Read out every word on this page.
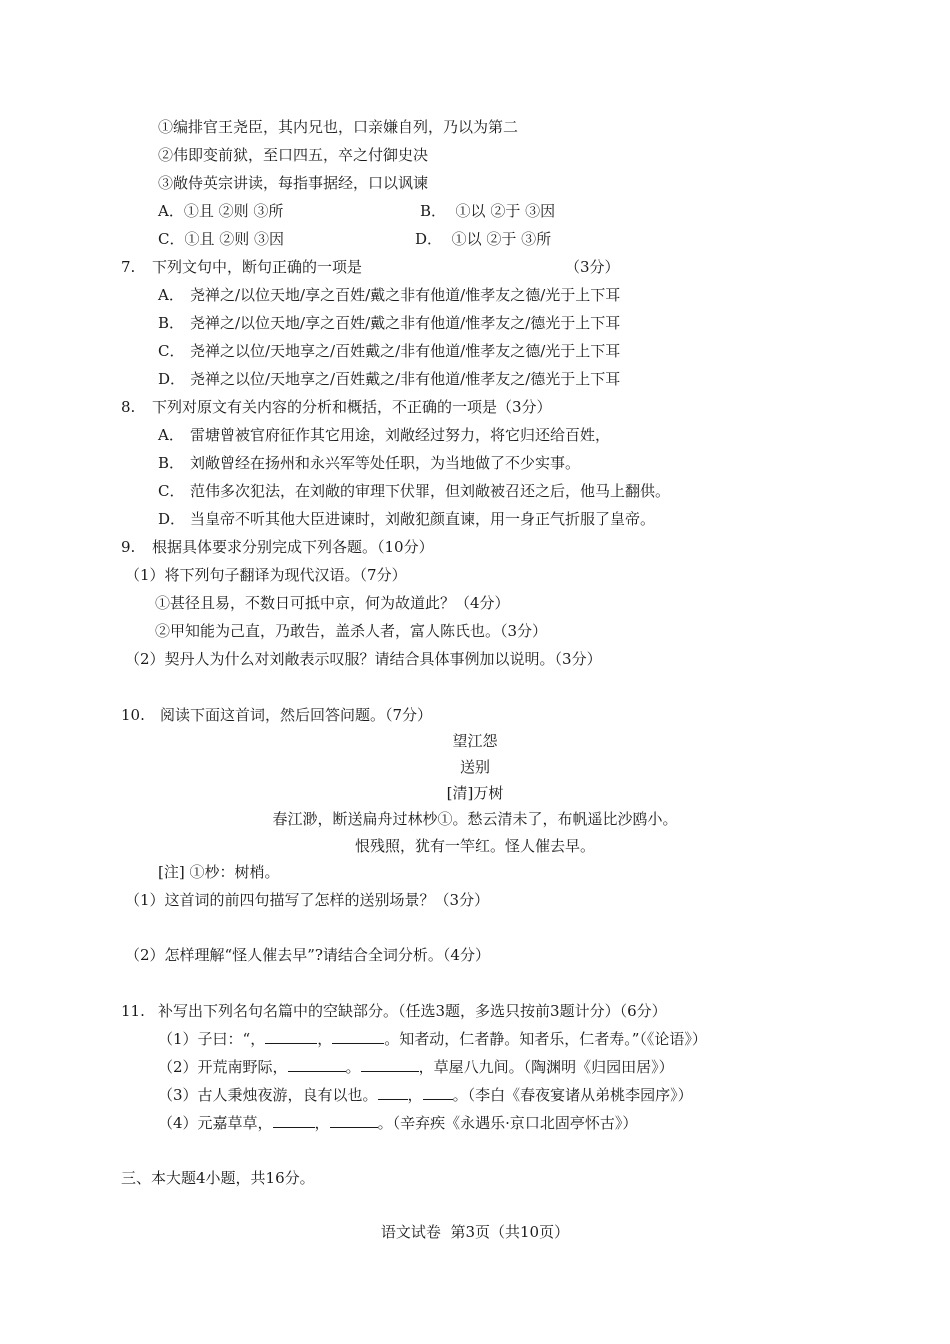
①编排官王尧臣，其内兄也，口亲嫌自列，乃以为第二
②伟即变前狱，至口四五，卒之付御史决
③敞侍英宗讲读，每指事据经，口以讽谏
A．①且 ②则 ③所	B．  ①以 ②于 ③因
C．①且 ②则 ③因	D．  ①以 ②于 ③所
7. 下列文句中，断句正确的一项是	（3分）
A． 尧禅之/以位天地/享之百姓/戴之非有他道/惟孝友之德/光于上下耳
B． 尧禅之/以位天地/享之百姓/戴之非有他道/惟孝友之/德光于上下耳
C． 尧禅之以位/天地享之/百姓戴之/非有他道/惟孝友之德/光于上下耳
D． 尧禅之以位/天地享之/百姓戴之/非有他道/惟孝友之/德光于上下耳
8. 下列对原文有关内容的分析和概括，不正确的一项是（3分）
A． 雷塘曾被官府征作其它用途，刘敞经过努力，将它归还给百姓，
B． 刘敞曾经在扬州和永兴军等处任职，为当地做了不少实事。
C． 范伟多次犯法，在刘敞的审理下伏罪，但刘敞被召还之后，他马上翻供。
D． 当皇帝不听其他大臣进谏时，刘敞犯颜直谏，用一身正气折服了皇帝。
9. 根据具体要求分别完成下列各题。（10分）
（1）将下列句子翻译为现代汉语。（7分）
①甚径且易，不数日可抵中京，何为故道此？（4分）
②甲知能为己直，乃敢告，盖杀人者，富人陈氏也。（3分）
（2）契丹人为什么对刘敞表示叹服？请结合具体事例加以说明。（3分）
10. 阅读下面这首词，然后回答问题。（7分）
望江怨
送别
[清]万树
春江渺，断送扁舟过林杪①。愁云清未了，布帆遥比沙鸥小。
恨残照，犹有一竿红。怪人催去早。
[注] ①杪：树梢。
（1）这首词的前四句描写了怎样的送别场景？（3分）
（2）怎样理解“怪人催去早”?请结合全词分析。（4分）
11. 补写出下列名句名篇中的空缺部分。（任选3题，多选只按前3题计分）（6分）
（1）子曰：“，	，	。知者动，仁者静。知者乐，仁者寿。”（《论语》）
（2）开荒南野际，	。	，草屋八九间。（陶渊明《归园田居》）
（3）古人秉烛夜游，良有以也。 ， 。（李白《春夜宴诸从弟桃李园序》）
（4）元嘉草草，	，	。（辛弃疾《永遇乐·京口北固亭怀古》）
三、本大题4小题，共16分。
语文试卷  第3页（共10页）
